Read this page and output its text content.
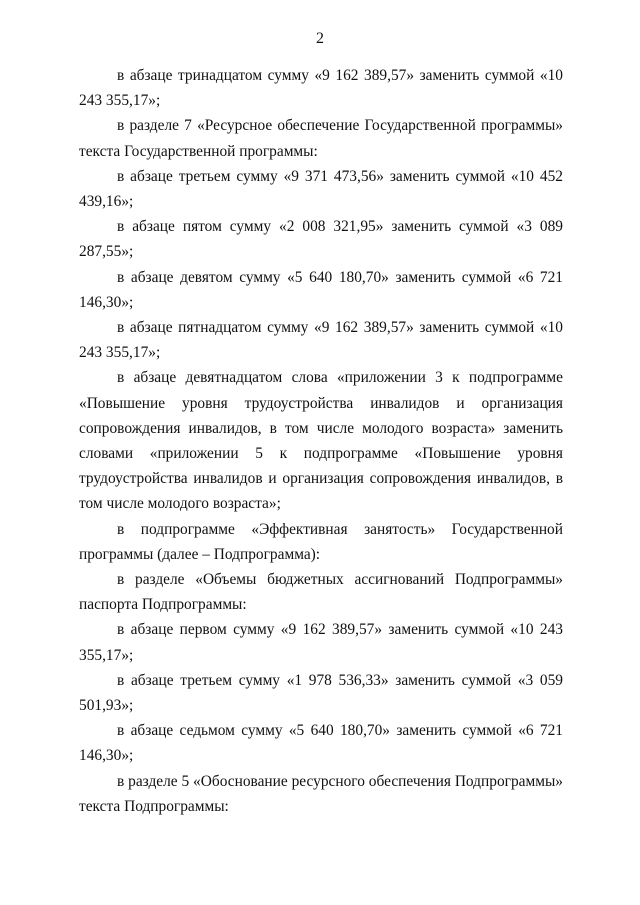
2

в абзаце тринадцатом сумму «9 162 389,57» заменить суммой «10 243 355,17»;

в разделе 7 «Ресурсное обеспечение Государственной программы» текста Государственной программы:

в абзаце третьем сумму «9 371 473,56» заменить суммой «10 452 439,16»;

в абзаце пятом сумму «2 008 321,95» заменить суммой «3 089 287,55»;

в абзаце девятом сумму «5 640 180,70» заменить суммой «6 721 146,30»;

в абзаце пятнадцатом сумму «9 162 389,57» заменить суммой «10 243 355,17»;

в абзаце девятнадцатом слова «приложении 3 к подпрограмме «Повышение уровня трудоустройства инвалидов и организация сопровождения инвалидов, в том числе молодого возраста» заменить словами «приложении 5 к подпрограмме «Повышение уровня трудоустройства инвалидов и организация сопровождения инвалидов, в том числе молодого возраста»;

в подпрограмме «Эффективная занятость» Государственной программы (далее – Подпрограмма):

в разделе «Объемы бюджетных ассигнований Подпрограммы» паспорта Подпрограммы:

в абзаце первом сумму «9 162 389,57» заменить суммой «10 243 355,17»;

в абзаце третьем сумму «1 978 536,33» заменить суммой «3 059 501,93»;

в абзаце седьмом сумму «5 640 180,70» заменить суммой «6 721 146,30»;

в разделе 5 «Обоснование ресурсного обеспечения Подпрограммы» текста Подпрограммы:
